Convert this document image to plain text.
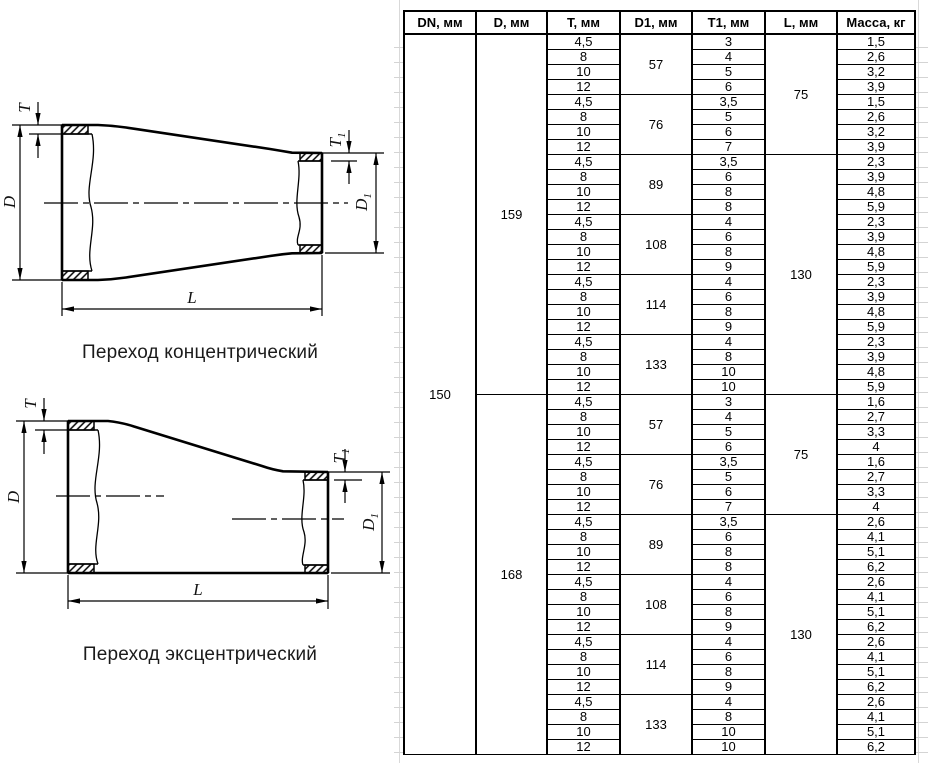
T
D
$T_1$
$D_1$
L
Переход концентрический
T
D
$T_1$
$D_1$
L
Переход эксцентрический
DN, мм	D, мм	T, мм	D1, мм	T1, мм	L, мм	Масса, кг
150	159	4,5	57	3	75	1,5
		8		4		2,6
		10		5		3,2
		12		6		3,9
		4,5	76	3,5		1,5
		8		5		2,6
		10		6		3,2
		12		7		3,9
		4,5	89	3,5	130	2,3
		8		6		3,9
		10		8		4,8
		12		8		5,9
		4,5	108	4		2,3
		8		6		3,9
		10		8		4,8
		12		9		5,9
		4,5	114	4		2,3
		8		6		3,9
		10		8		4,8
		12		9		5,9
		4,5	133	4		2,3
		8		8		3,9
		10		10		4,8
		12		10		5,9
	168	4,5	57	3	75	1,6
		8		4		2,7
		10		5		3,3
		12		6		4
		4,5	76	3,5		1,6
		8		5		2,7
		10		6		3,3
		12		7		4
		4,5	89	3,5	130	2,6
		8		6		4,1
		10		8		5,1
		12		8		6,2
		4,5	108	4		2,6
		8		6		4,1
		10		8		5,1
		12		9		6,2
		4,5	114	4		2,6
		8		6		4,1
		10		8		5,1
		12		9		6,2
		4,5	133	4		2,6
		8		8		4,1
		10		10		5,1
		12		10		6,2
